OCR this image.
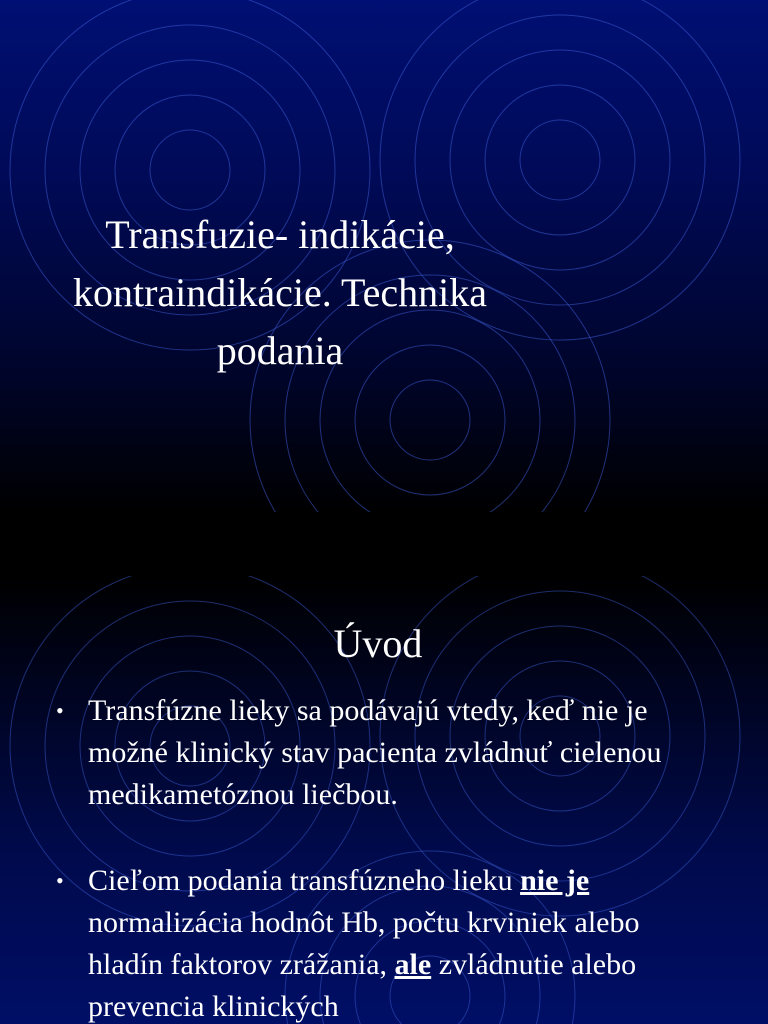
Transfuzie- indikácie,
kontraindikácie. Technika
podania
Úvod
• Transfúzne lieky sa podávajú vtedy, keď nie je možné klinický stav pacienta zvládnuť cielenou medikametóznou liečbou.
• Cieľom podania transfúzneho lieku nie je normalizácia hodnôt Hb, počtu krviniek alebo hladín faktorov zrážania, ale zvládnutie alebo prevencia klinických
